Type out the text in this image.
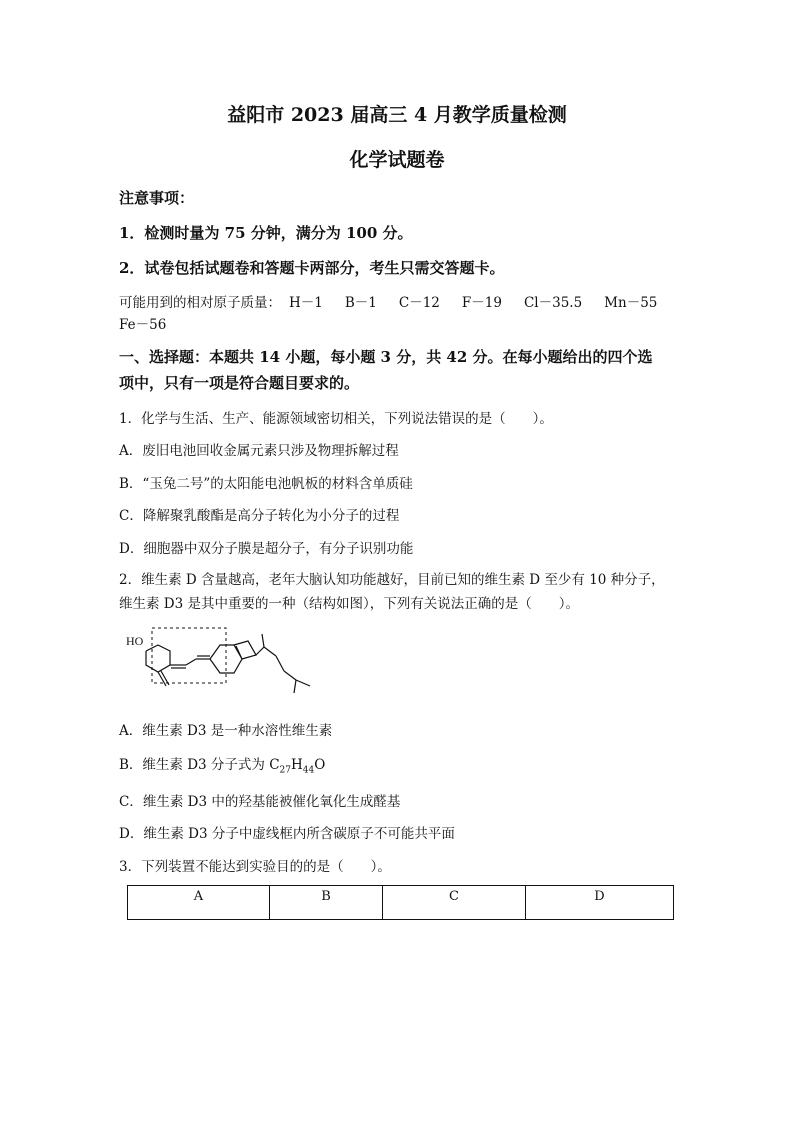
益阳市 2023 届高三 4 月教学质量检测
化学试题卷
注意事项：
1．检测时量为 75 分钟，满分为 100 分。
2．试卷包括试题卷和答题卡两部分，考生只需交答题卡。
可能用到的相对原子质量： H－1 B－1 C－12 F－19 Cl－35.5 Mn－55
Fe－56
一、选择题：本题共 14 小题，每小题 3 分，共 42 分。在每小题给出的四个选
项中，只有一项是符合题目要求的。
1．化学与生活、生产、能源领域密切相关，下列说法错误的是（　　）。
A．废旧电池回收金属元素只涉及物理拆解过程
B．“玉兔二号”的太阳能电池帆板的材料含单质硅
C．降解聚乳酸酯是高分子转化为小分子的过程
D．细胞器中双分子膜是超分子，有分子识别功能
2．维生素 D 含量越高，老年大脑认知功能越好，目前已知的维生素 D 至少有 10 种分子，
维生素 D3 是其中重要的一种（结构如图），下列有关说法正确的是（　　）。
HO
A．维生素 D3 是一种水溶性维生素
B．维生素 D3 分子式为 $C_{27}H_{44}O$
C．维生素 D3 中的羟基能被催化氧化生成醛基
D．维生素 D3 分子中虚线框内所含碳原子不可能共平面
3．下列装置不能达到实验目的的是（　　）。
A	B	C	D
